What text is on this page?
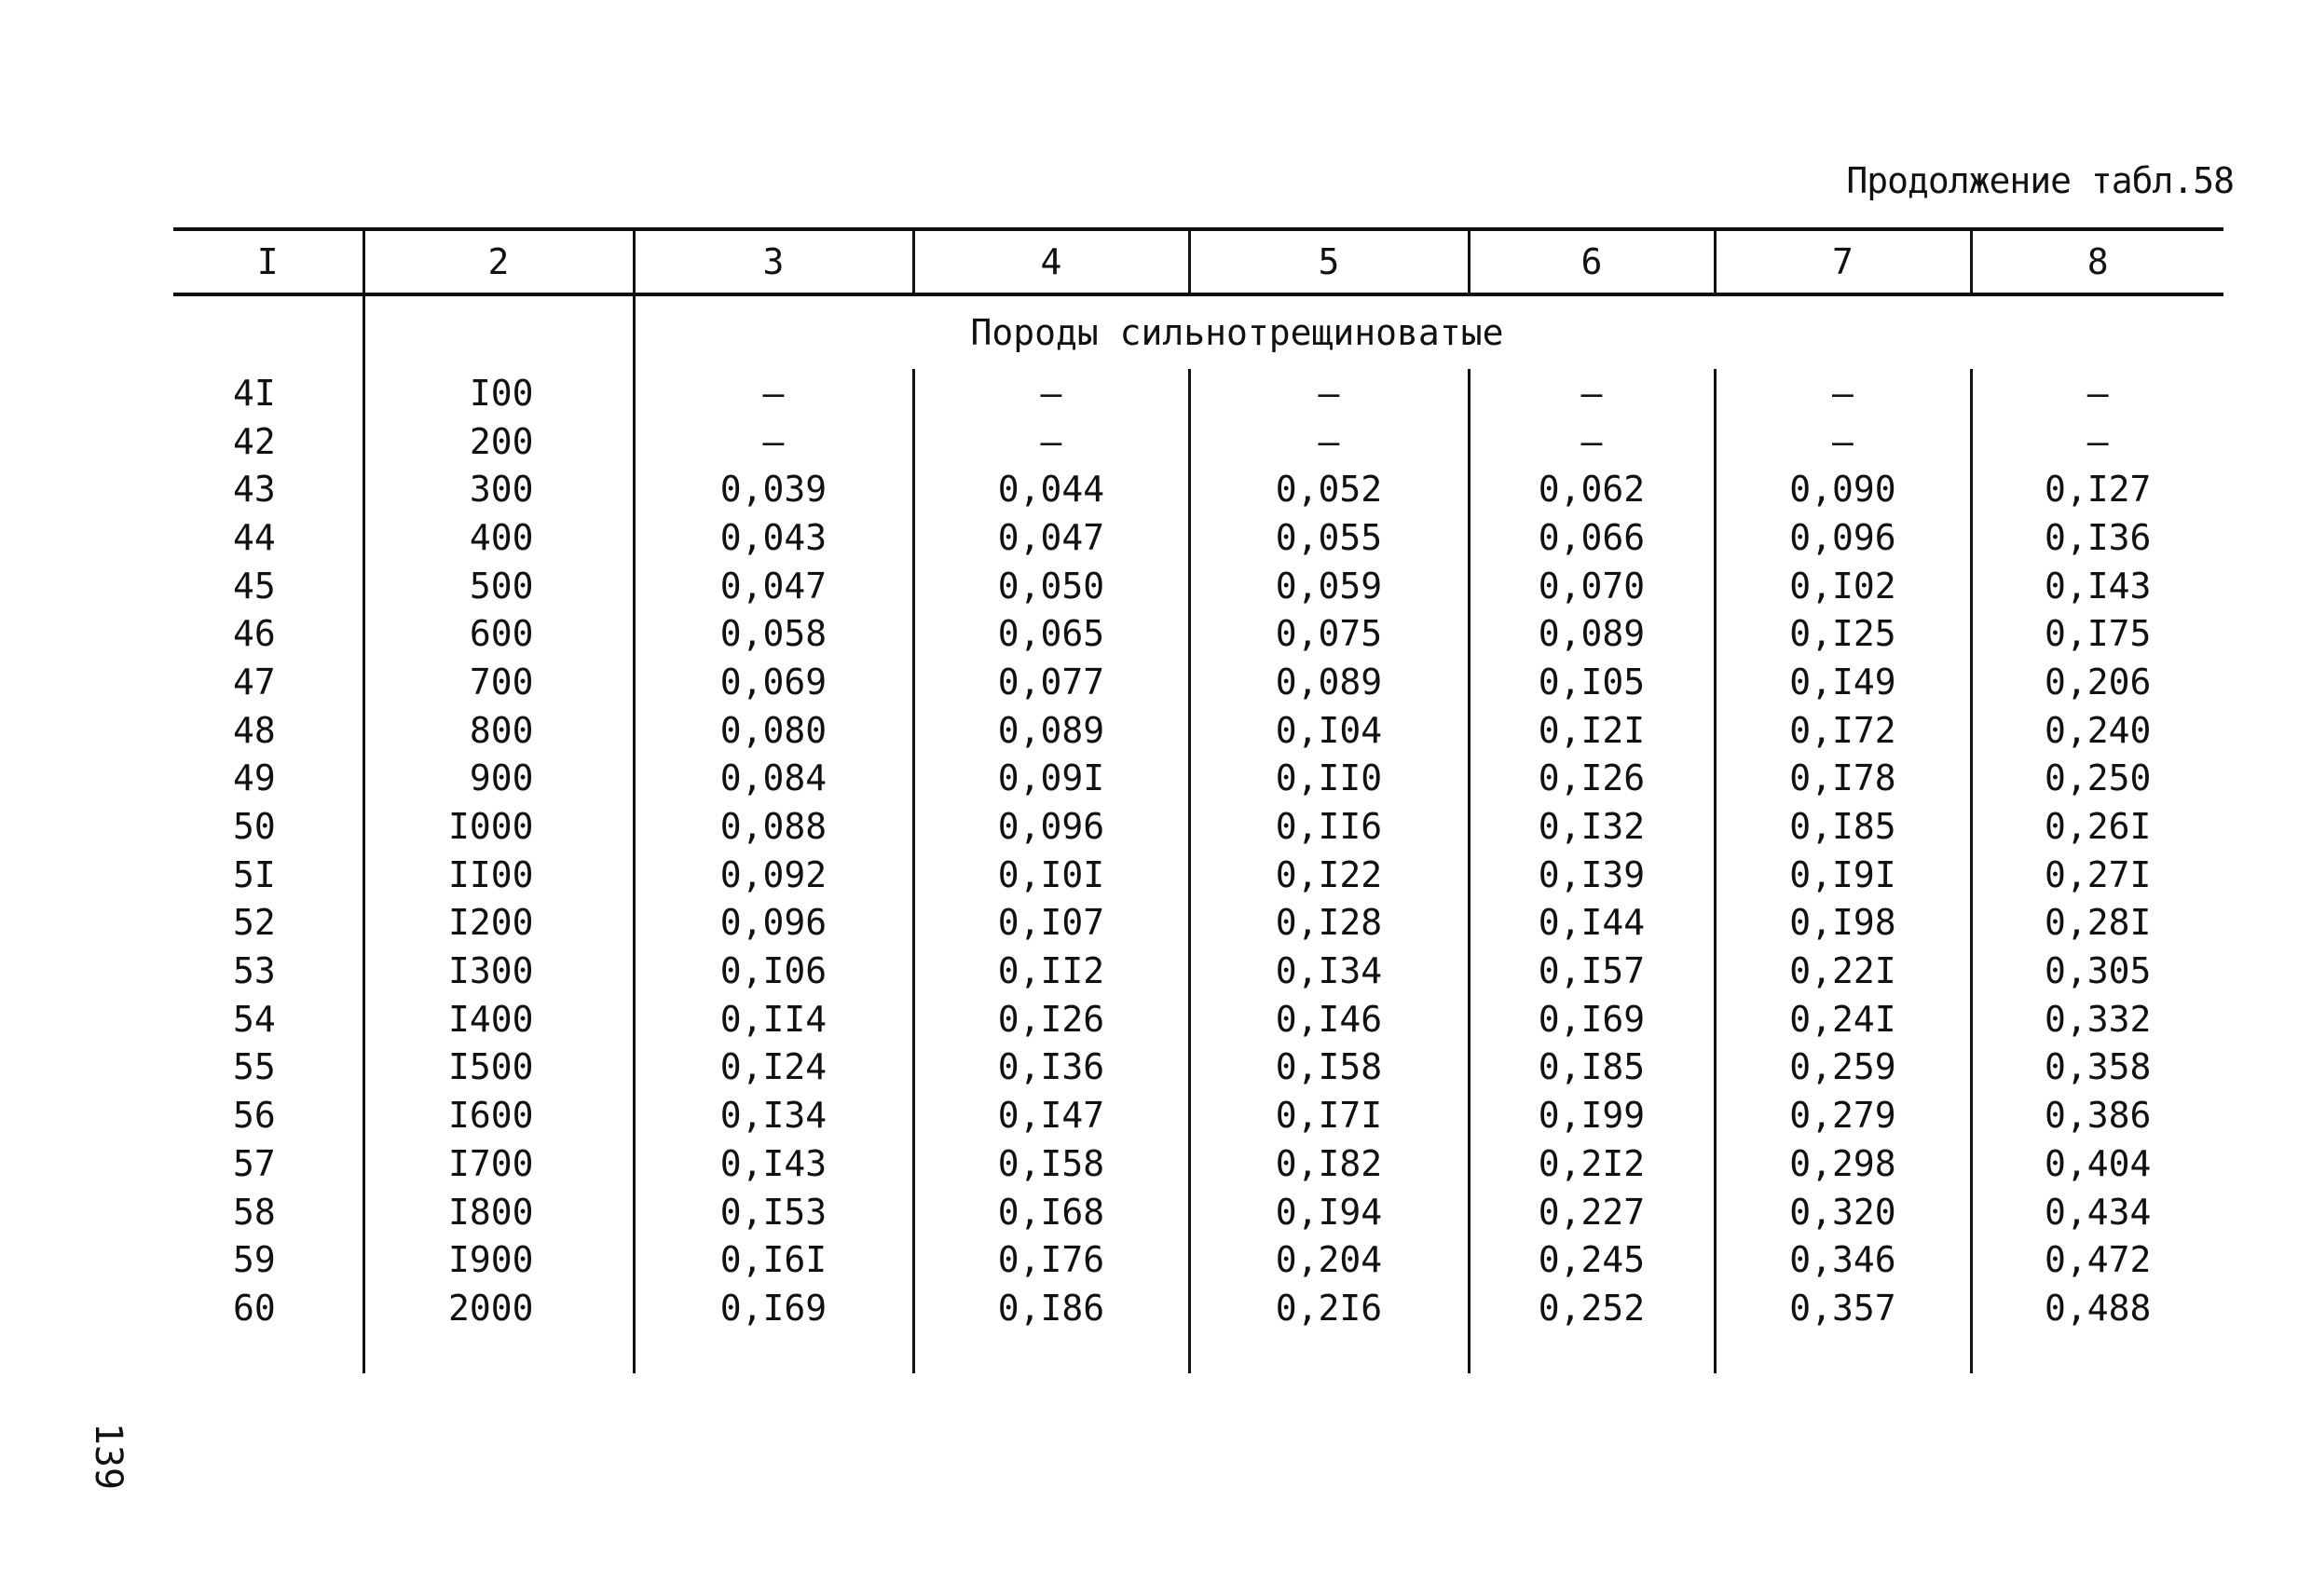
Продолжение табл.58
I	2	3	4	5	6	7	8
		Породы сильнотрещиноватые					
4I	I00	–	–	–	–	–	–
42	200	–	–	–	–	–	–
43	300	0,039	0,044	0,052	0,062	0,090	0,I27
44	400	0,043	0,047	0,055	0,066	0,096	0,I36
45	500	0,047	0,050	0,059	0,070	0,I02	0,I43
46	600	0,058	0,065	0,075	0,089	0,I25	0,I75
47	700	0,069	0,077	0,089	0,I05	0,I49	0,206
48	800	0,080	0,089	0,I04	0,I2I	0,I72	0,240
49	900	0,084	0,09I	0,II0	0,I26	0,I78	0,250
50	I000	0,088	0,096	0,II6	0,I32	0,I85	0,26I
5I	II00	0,092	0,I0I	0,I22	0,I39	0,I9I	0,27I
52	I200	0,096	0,I07	0,I28	0,I44	0,I98	0,28I
53	I300	0,I06	0,II2	0,I34	0,I57	0,22I	0,305
54	I400	0,II4	0,I26	0,I46	0,I69	0,24I	0,332
55	I500	0,I24	0,I36	0,I58	0,I85	0,259	0,358
56	I600	0,I34	0,I47	0,I7I	0,I99	0,279	0,386
57	I700	0,I43	0,I58	0,I82	0,2I2	0,298	0,404
58	I800	0,I53	0,I68	0,I94	0,227	0,320	0,434
59	I900	0,I6I	0,I76	0,204	0,245	0,346	0,472
60	2000	0,I69	0,I86	0,2I6	0,252	0,357	0,488

139
